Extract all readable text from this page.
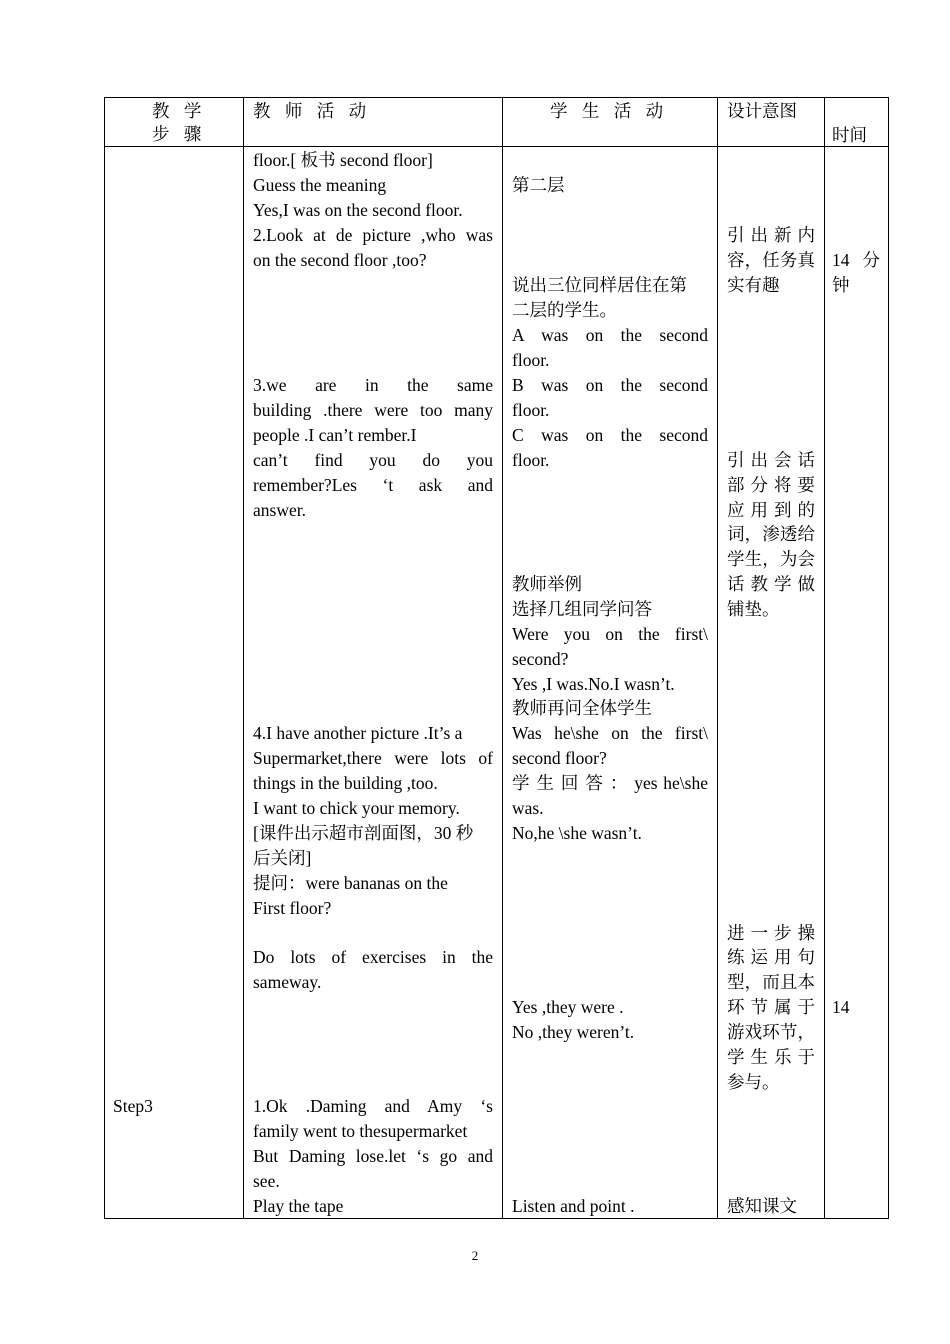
教 学
步 骤
教 师 活 动	学 生 活 动	设计意图
时间
floor.[ 板书 second floor]
Guess the meaning
Yes,I was on the second floor.
2.Look at de picture ,who was
on the second floor ,too?
3.we are in the same
building .there were too many
people .I can’t rember.I
can’t find you do you
remember?Les ‘t ask and
answer.
4.I have another picture .It’s a
Supermarket,there were lots of
things in the building ,too.
I want to chick your memory.
[课件出示超市剖面图，30 秒
后关闭]
提问：were bananas on the
First floor?
Do lots of exercises in the
sameway.
1.Ok .Daming and Amy ‘s
family went to thesupermarket
But Daming lose.let ‘s go and
see.
Play the tape
第二层
说出三位同样居住在第
二层的学生。
A was on the second
floor.
B was on the second
floor.
C was on the second
floor.
教师举例
选择几组同学问答
Were you on the first\
second?
Yes ,I was.No.I wasn’t.
教师再问全体学生
Was he\she on the first\
second floor?
学 生 回 答 ： yes he\she
was.
No,he \she wasn’t.
Yes ,they were .
No ,they weren’t.
Listen and point .
引 出 新 内
容，任务真
实有趣
引 出 会 话
部 分 将 要
应 用 到 的
词，渗透给
学生，为会
话 教 学 做
铺垫。
进 一 步 操
练 运 用 句
型，而且本
环 节 属 于
游戏环节，
学 生 乐 于
参与。
感知课文
14 分
钟
14
Step3
2
